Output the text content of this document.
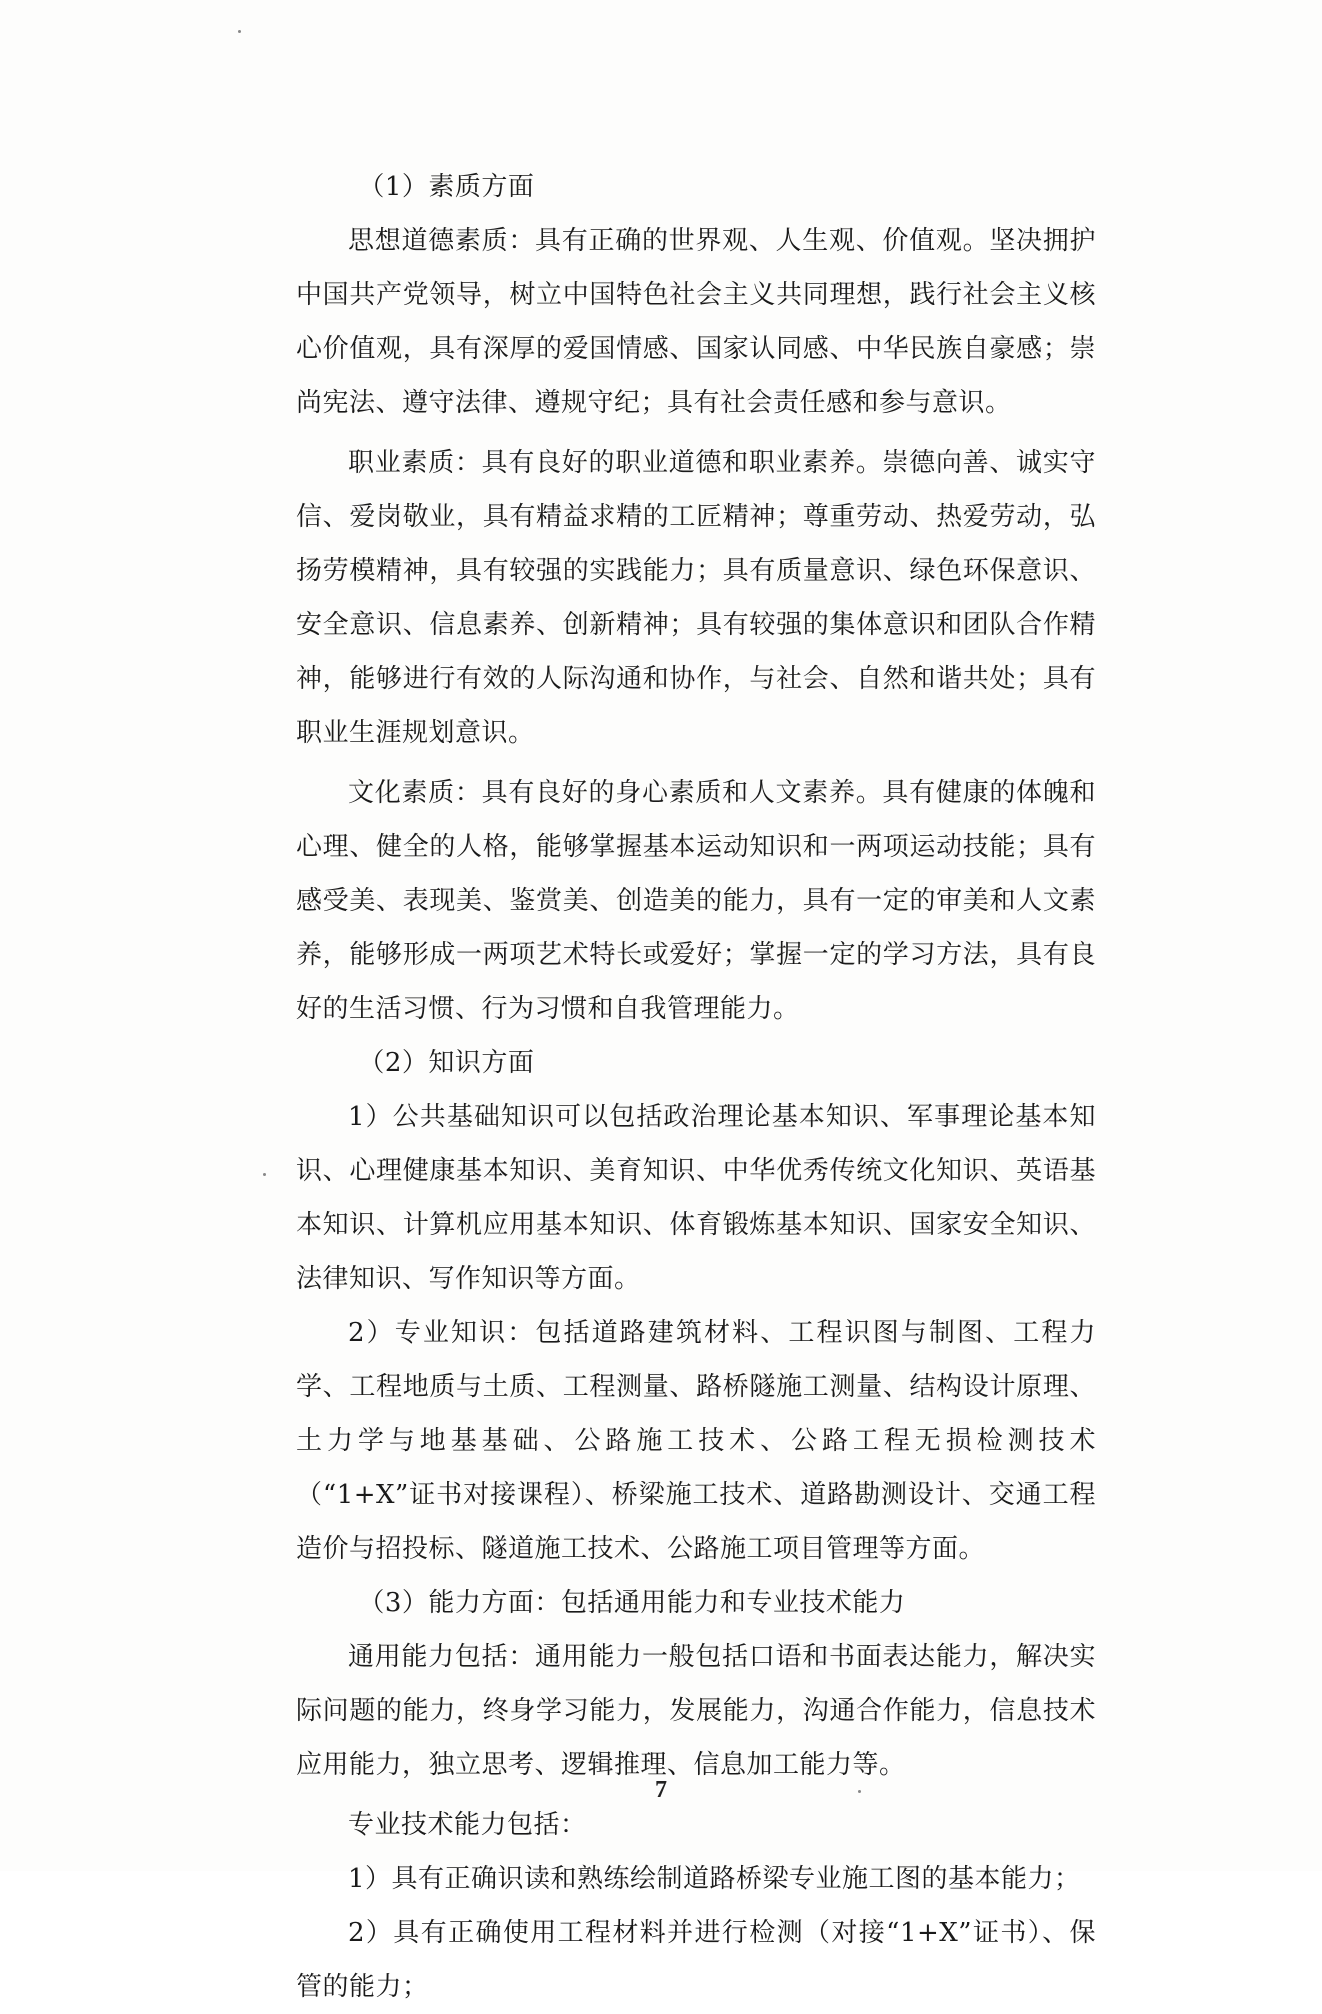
（1）素质方面

思想道德素质：具有正确的世界观、人生观、价值观。坚决拥护中国共产党领导，树立中国特色社会主义共同理想，践行社会主义核心价值观，具有深厚的爱国情感、国家认同感、中华民族自豪感；崇尚宪法、遵守法律、遵规守纪；具有社会责任感和参与意识。

职业素质：具有良好的职业道德和职业素养。崇德向善、诚实守信、爱岗敬业，具有精益求精的工匠精神；尊重劳动、热爱劳动，弘扬劳模精神，具有较强的实践能力；具有质量意识、绿色环保意识、安全意识、信息素养、创新精神；具有较强的集体意识和团队合作精神，能够进行有效的人际沟通和协作，与社会、自然和谐共处；具有职业生涯规划意识。

文化素质：具有良好的身心素质和人文素养。具有健康的体魄和心理、健全的人格，能够掌握基本运动知识和一两项运动技能；具有感受美、表现美、鉴赏美、创造美的能力，具有一定的审美和人文素养，能够形成一两项艺术特长或爱好；掌握一定的学习方法，具有良好的生活习惯、行为习惯和自我管理能力。

（2）知识方面

1）公共基础知识可以包括政治理论基本知识、军事理论基本知识、心理健康基本知识、美育知识、中华优秀传统文化知识、英语基本知识、计算机应用基本知识、体育锻炼基本知识、国家安全知识、法律知识、写作知识等方面。

2）专业知识：包括道路建筑材料、工程识图与制图、工程力学、工程地质与土质、工程测量、路桥隧施工测量、结构设计原理、土力学与地基基础、公路施工技术、公路工程无损检测技术（“1+X”证书对接课程）、桥梁施工技术、道路勘测设计、交通工程造价与招投标、隧道施工技术、公路施工项目管理等方面。

（3）能力方面：包括通用能力和专业技术能力

通用能力包括：通用能力一般包括口语和书面表达能力，解决实际问题的能力，终身学习能力，发展能力，沟通合作能力，信息技术应用能力，独立思考、逻辑推理、信息加工能力等。

专业技术能力包括：

1）具有正确识读和熟练绘制道路桥梁专业施工图的基本能力；

2）具有正确使用工程材料并进行检测（对接“1+X”证书）、保管的能力；

7
